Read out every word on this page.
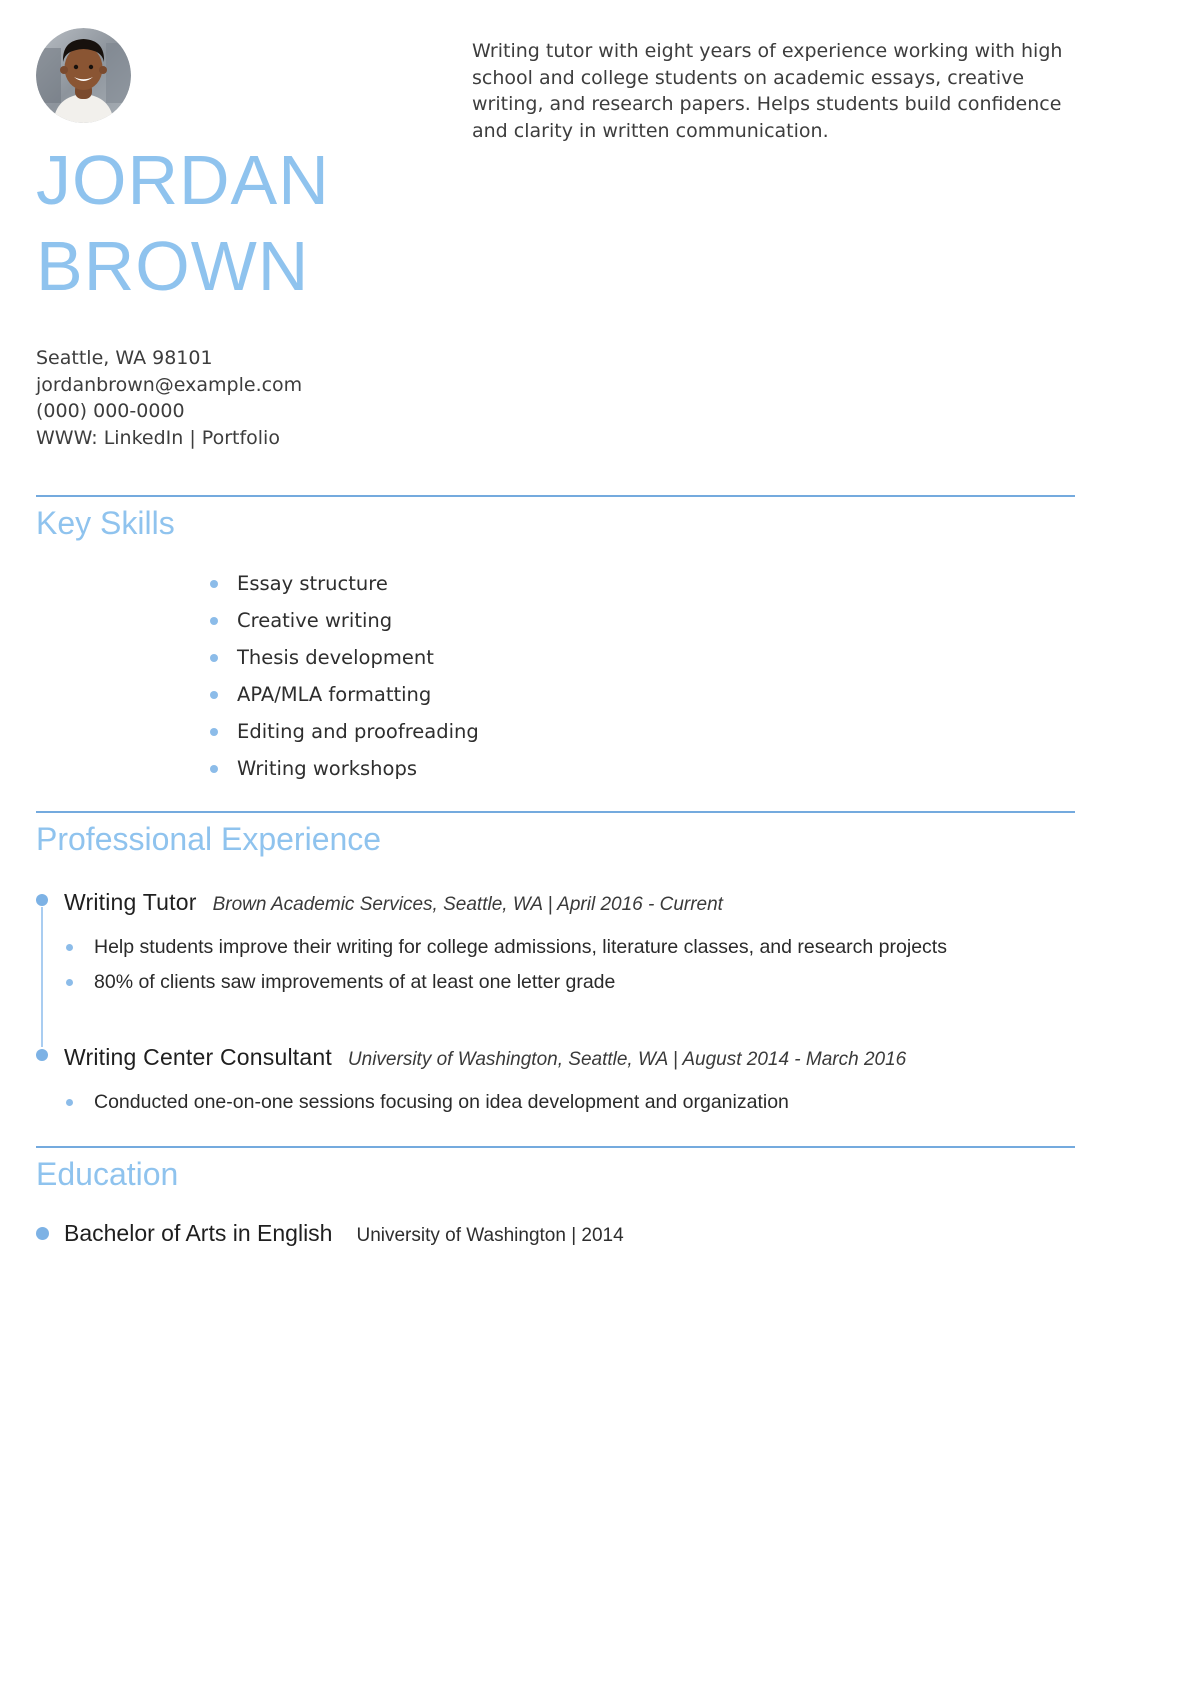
JORDAN
BROWN
Seattle, WA 98101
jordanbrown@example.com
(000) 000-0000
WWW: LinkedIn | Portfolio
Writing tutor with eight years of experience working with high school and college students on academic essays, creative writing, and research papers. Helps students build confidence and clarity in written communication.
Key Skills
Essay structure
Creative writing
Thesis development
APA/MLA formatting
Editing and proofreading
Writing workshops
Professional Experience
Writing Tutor Brown Academic Services, Seattle, WA | April 2016 - Current
Help students improve their writing for college admissions, literature classes, and research projects
80% of clients saw improvements of at least one letter grade
Writing Center Consultant University of Washington, Seattle, WA | August 2014 - March 2016
Conducted one-on-one sessions focusing on idea development and organization
Education
Bachelor of Arts in English University of Washington | 2014
